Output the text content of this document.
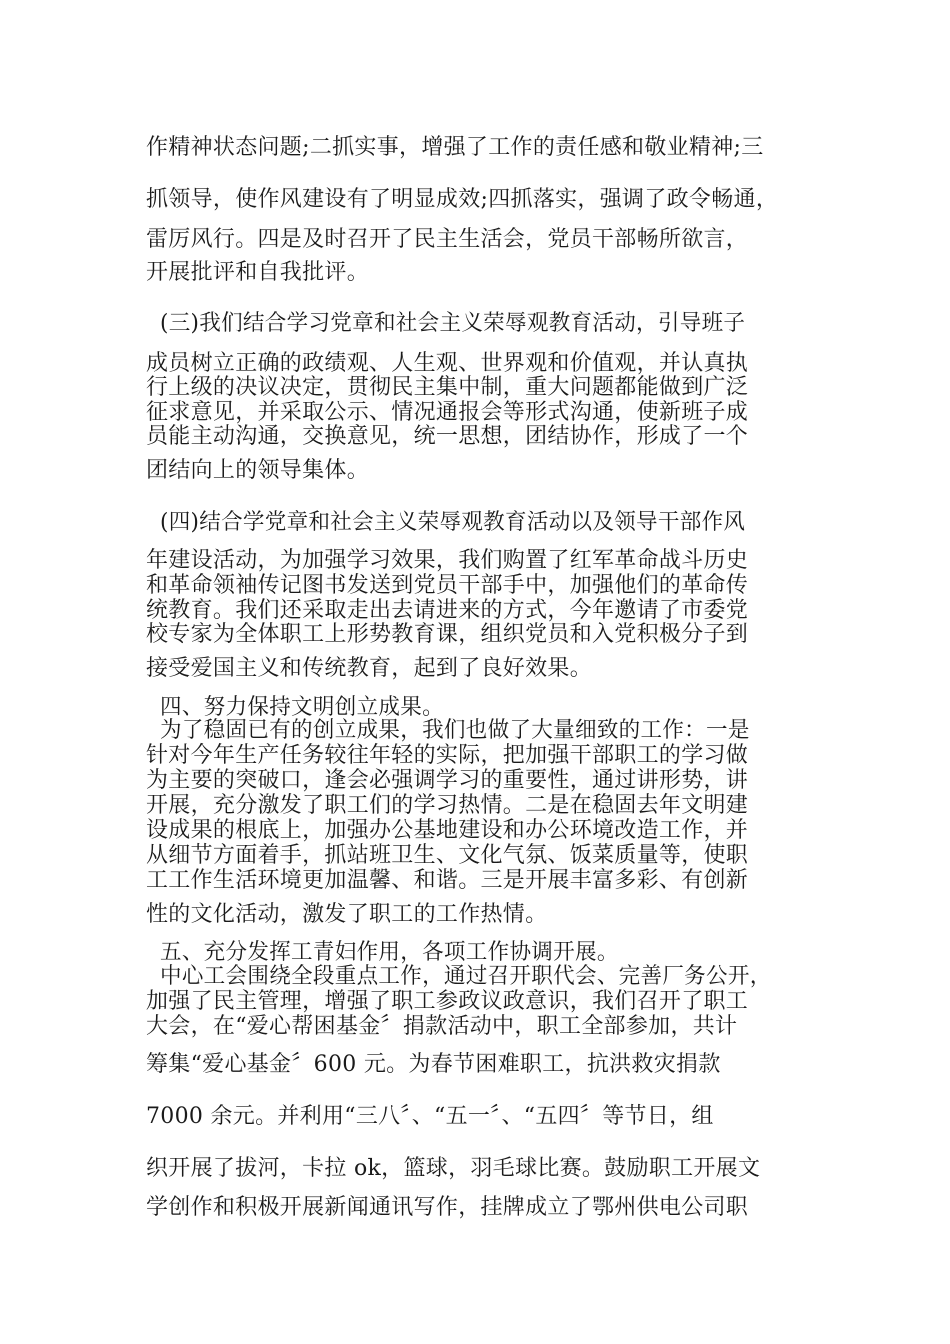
作精神状态问题;二抓实事，增强了工作的责任感和敬业精神;三
抓领导，使作风建设有了明显成效;四抓落实，强调了政令畅通，
雷厉风行。四是及时召开了民主生活会，党员干部畅所欲言，
开展批评和自我批评。
(三)我们结合学习党章和社会主义荣辱观教育活动，引导班子
成员树立正确的政绩观、人生观、世界观和价值观，并认真执
行上级的决议决定，贯彻民主集中制，重大问题都能做到广泛
征求意见，并采取公示、情况通报会等形式沟通，使新班子成
员能主动沟通，交换意见，统一思想，团结协作，形成了一个
团结向上的领导集体。
(四)结合学党章和社会主义荣辱观教育活动以及领导干部作风
年建设活动，为加强学习效果，我们购置了红军革命战斗历史
和革命领袖传记图书发送到党员干部手中，加强他们的革命传
统教育。我们还采取走出去请进来的方式，今年邀请了市委党
校专家为全体职工上形势教育课，组织党员和入党积极分子到
接受爱国主义和传统教育，起到了良好效果。
四、努力保持文明创立成果。
为了稳固已有的创立成果，我们也做了大量细致的工作：一是
针对今年生产任务较往年轻的实际，把加强干部职工的学习做
为主要的突破口，逢会必强调学习的重要性，通过讲形势，讲
开展，充分激发了职工们的学习热情。二是在稳固去年文明建
设成果的根底上，加强办公基地建设和办公环境改造工作，并
从细节方面着手，抓站班卫生、文化气氛、饭菜质量等，使职
工工作生活环境更加温馨、和谐。三是开展丰富多彩、有创新
性的文化活动，激发了职工的工作热情。
五、充分发挥工青妇作用，各项工作协调开展。
中心工会围绕全段重点工作，通过召开职代会、完善厂务公开，
加强了民主管理，增强了职工参政议政意识，我们召开了职工
大会，在“爱心帮困基金〞捐款活动中，职工全部参加，共计
筹集“爱心基金〞600 元。为春节困难职工，抗洪救灾捐款
7000 余元。并利用“三八〞、“五一〞、“五四〞等节日，组
织开展了拔河，卡拉 ok，篮球，羽毛球比赛。鼓励职工开展文
学创作和积极开展新闻通讯写作，挂牌成立了鄂州供电公司职
